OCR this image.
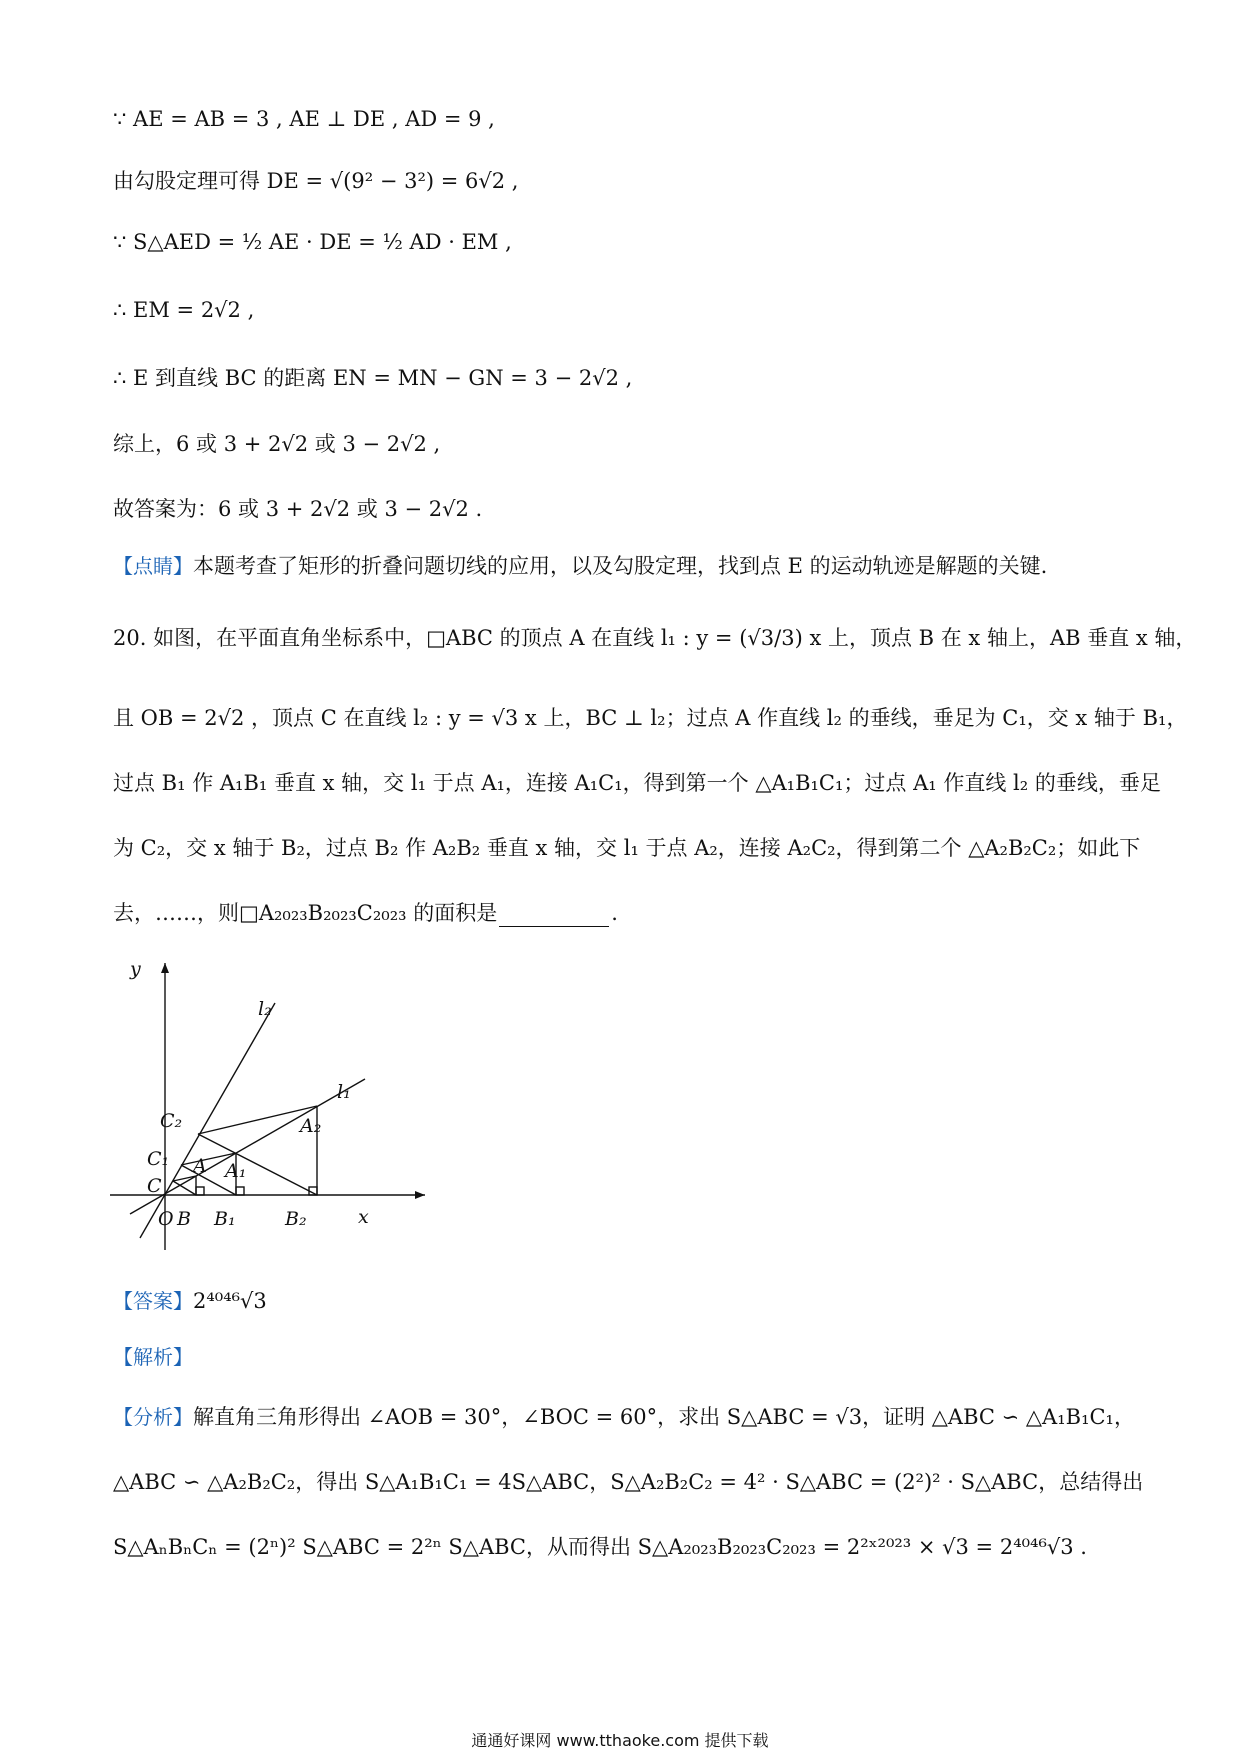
∵ AE = AB = 3 , AE ⊥ DE , AD = 9 ,
由勾股定理可得 DE = √(9² − 3²) = 6√2 ,
∵ S△AED = ½ AE · DE = ½ AD · EM ,
∴ EM = 2√2 ,
∴ E 到直线 BC 的距离 EN = MN − GN = 3 − 2√2 ,
综上，6 或 3 + 2√2 或 3 − 2√2 ,
故答案为：6 或 3 + 2√2 或 3 − 2√2 .
【点睛】本题考查了矩形的折叠问题切线的应用，以及勾股定理，找到点 E 的运动轨迹是解题的关键.
20. 如图，在平面直角坐标系中，□ABC 的顶点 A 在直线 l₁ : y = (√3/3) x 上，顶点 B 在 x 轴上，AB 垂直 x 轴，
且 OB = 2√2 ，顶点 C 在直线 l₂ : y = √3 x 上，BC ⊥ l₂；过点 A 作直线 l₂ 的垂线，垂足为 C₁，交 x 轴于 B₁，
过点 B₁ 作 A₁B₁ 垂直 x 轴，交 l₁ 于点 A₁，连接 A₁C₁，得到第一个 △A₁B₁C₁；过点 A₁ 作直线 l₂ 的垂线，垂足
为 C₂，交 x 轴于 B₂，过点 B₂ 作 A₂B₂ 垂直 x 轴，交 l₁ 于点 A₂，连接 A₂C₂，得到第二个 △A₂B₂C₂；如此下
去，……，则□A₂₀₂₃B₂₀₂₃C₂₀₂₃ 的面积是	.
y
x
O B B₁	B₂
A A₁
A₂
C
C₁
C₂
l₁
l₂
【答案】2⁴⁰⁴⁶√3
【解析】
【分析】解直角三角形得出 ∠AOB = 30°，∠BOC = 60°，求出 S△ABC = √3，证明 △ABC ∽ △A₁B₁C₁，
△ABC ∽ △A₂B₂C₂，得出 S△A₁B₁C₁ = 4S△ABC，S△A₂B₂C₂ = 4² · S△ABC = (2²)² · S△ABC，总结得出
S△AₙBₙCₙ = (2ⁿ)² S△ABC = 2²ⁿ S△ABC，从而得出 S△A₂₀₂₃B₂₀₂₃C₂₀₂₃ = 2²ˣ²⁰²³ × √3 = 2⁴⁰⁴⁶√3 .
通通好课网 www.tthaoke.com 提供下载
